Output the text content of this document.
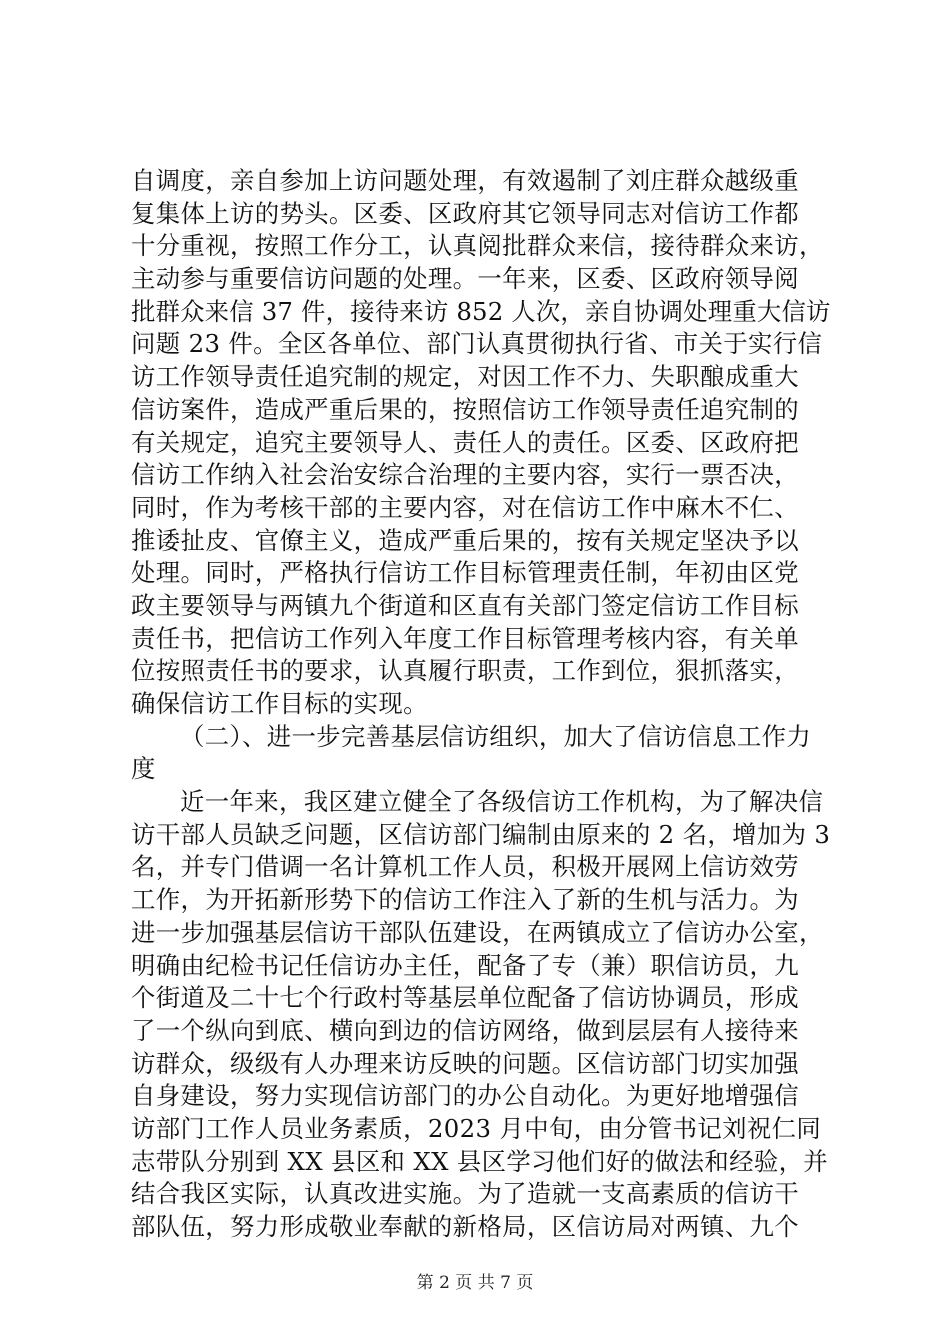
自调度，亲自参加上访问题处理，有效遏制了刘庄群众越级重
复集体上访的势头。区委、区政府其它领导同志对信访工作都
十分重视，按照工作分工，认真阅批群众来信，接待群众来访，
主动参与重要信访问题的处理。一年来，区委、区政府领导阅
批群众来信 37 件，接待来访 852 人次，亲自协调处理重大信访
问题 23 件。全区各单位、部门认真贯彻执行省、市关于实行信
访工作领导责任追究制的规定，对因工作不力、失职酿成重大
信访案件，造成严重后果的，按照信访工作领导责任追究制的
有关规定，追究主要领导人、责任人的责任。区委、区政府把
信访工作纳入社会治安综合治理的主要内容，实行一票否决，
同时，作为考核干部的主要内容，对在信访工作中麻木不仁、
推诿扯皮、官僚主义，造成严重后果的，按有关规定坚决予以
处理。同时，严格执行信访工作目标管理责任制，年初由区党
政主要领导与两镇九个街道和区直有关部门签定信访工作目标
责任书，把信访工作列入年度工作目标管理考核内容，有关单
位按照责任书的要求，认真履行职责，工作到位，狠抓落实，
确保信访工作目标的实现。
（二）、进一步完善基层信访组织，加大了信访信息工作力
度
近一年来，我区建立健全了各级信访工作机构，为了解决信
访干部人员缺乏问题，区信访部门编制由原来的 2 名，增加为 3
名，并专门借调一名计算机工作人员，积极开展网上信访效劳
工作，为开拓新形势下的信访工作注入了新的生机与活力。为
进一步加强基层信访干部队伍建设，在两镇成立了信访办公室，
明确由纪检书记任信访办主任，配备了专（兼）职信访员，九
个街道及二十七个行政村等基层单位配备了信访协调员，形成
了一个纵向到底、横向到边的信访网络，做到层层有人接待来
访群众，级级有人办理来访反映的问题。区信访部门切实加强
自身建设，努力实现信访部门的办公自动化。为更好地增强信
访部门工作人员业务素质，2023 月中旬，由分管书记刘祝仁同
志带队分别到 XX 县区和 XX 县区学习他们好的做法和经验，并
结合我区实际，认真改进实施。为了造就一支高素质的信访干
部队伍，努力形成敬业奉献的新格局，区信访局对两镇、九个
第 2 页 共 7 页
